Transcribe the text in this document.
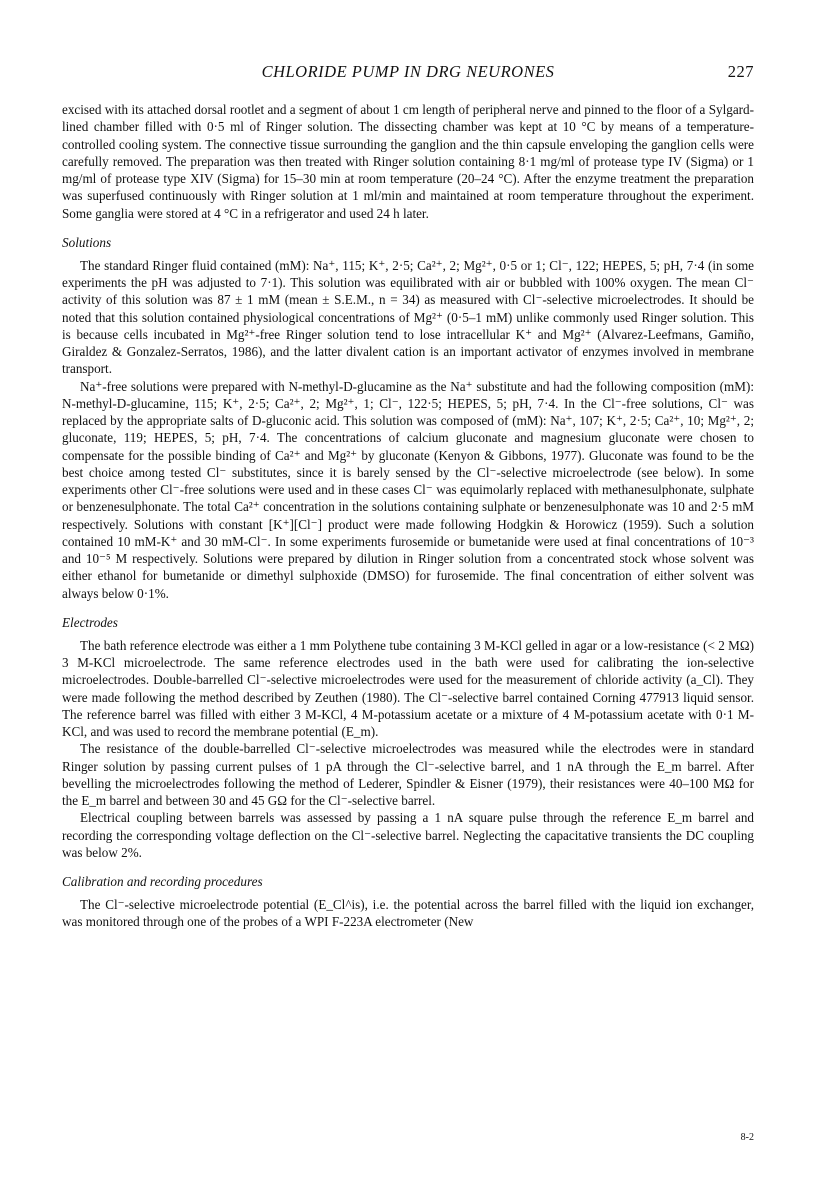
CHLORIDE PUMP IN DRG NEURONES	227

excised with its attached dorsal rootlet and a segment of about 1 cm length of peripheral nerve and pinned to the floor of a Sylgard-lined chamber filled with 0·5 ml of Ringer solution. The dissecting chamber was kept at 10 °C by means of a temperature-controlled cooling system. The connective tissue surrounding the ganglion and the thin capsule enveloping the ganglion cells were carefully removed. The preparation was then treated with Ringer solution containing 8·1 mg/ml of protease type IV (Sigma) or 1 mg/ml of protease type XIV (Sigma) for 15–30 min at room temperature (20–24 °C). After the enzyme treatment the preparation was superfused continuously with Ringer solution at 1 ml/min and maintained at room temperature throughout the experiment. Some ganglia were stored at 4 °C in a refrigerator and used 24 h later.

Solutions

The standard Ringer fluid contained (mM): Na⁺, 115; K⁺, 2·5; Ca²⁺, 2; Mg²⁺, 0·5 or 1; Cl⁻, 122; HEPES, 5; pH, 7·4 (in some experiments the pH was adjusted to 7·1). This solution was equilibrated with air or bubbled with 100% oxygen. The mean Cl⁻ activity of this solution was 87 ± 1 mM (mean ± S.E.M., n = 34) as measured with Cl⁻-selective microelectrodes. It should be noted that this solution contained physiological concentrations of Mg²⁺ (0·5–1 mM) unlike commonly used Ringer solution. This is because cells incubated in Mg²⁺-free Ringer solution tend to lose intracellular K⁺ and Mg²⁺ (Alvarez-Leefmans, Gamiño, Giraldez & Gonzalez-Serratos, 1986), and the latter divalent cation is an important activator of enzymes involved in membrane transport.

Na⁺-free solutions were prepared with N-methyl-D-glucamine as the Na⁺ substitute and had the following composition (mM): N-methyl-D-glucamine, 115; K⁺, 2·5; Ca²⁺, 2; Mg²⁺, 1; Cl⁻, 122·5; HEPES, 5; pH, 7·4. In the Cl⁻-free solutions, Cl⁻ was replaced by the appropriate salts of D-gluconic acid. This solution was composed of (mM): Na⁺, 107; K⁺, 2·5; Ca²⁺, 10; Mg²⁺, 2; gluconate, 119; HEPES, 5; pH, 7·4. The concentrations of calcium gluconate and magnesium gluconate were chosen to compensate for the possible binding of Ca²⁺ and Mg²⁺ by gluconate (Kenyon & Gibbons, 1977). Gluconate was found to be the best choice among tested Cl⁻ substitutes, since it is barely sensed by the Cl⁻-selective microelectrode (see below). In some experiments other Cl⁻-free solutions were used and in these cases Cl⁻ was equimolarly replaced with methanesulphonate, sulphate or benzenesulphonate. The total Ca²⁺ concentration in the solutions containing sulphate or benzenesulphonate was 10 and 2·5 mM respectively. Solutions with constant [K⁺][Cl⁻] product were made following Hodgkin & Horowicz (1959). Such a solution contained 10 mM-K⁺ and 30 mM-Cl⁻. In some experiments furosemide or bumetanide were used at final concentrations of 10⁻³ and 10⁻⁵ M respectively. Solutions were prepared by dilution in Ringer solution from a concentrated stock whose solvent was either ethanol for bumetanide or dimethyl sulphoxide (DMSO) for furosemide. The final concentration of either solvent was always below 0·1%.

Electrodes

The bath reference electrode was either a 1 mm Polythene tube containing 3 M-KCl gelled in agar or a low-resistance (< 2 MΩ) 3 M-KCl microelectrode. The same reference electrodes used in the bath were used for calibrating the ion-selective microelectrodes. Double-barrelled Cl⁻-selective microelectrodes were used for the measurement of chloride activity (a_Cl). They were made following the method described by Zeuthen (1980). The Cl⁻-selective barrel contained Corning 477913 liquid sensor. The reference barrel was filled with either 3 M-KCl, 4 M-potassium acetate or a mixture of 4 M-potassium acetate with 0·1 M-KCl, and was used to record the membrane potential (E_m).

The resistance of the double-barrelled Cl⁻-selective microelectrodes was measured while the electrodes were in standard Ringer solution by passing current pulses of 1 pA through the Cl⁻-selective barrel, and 1 nA through the E_m barrel. After bevelling the microelectrodes following the method of Lederer, Spindler & Eisner (1979), their resistances were 40–100 MΩ for the E_m barrel and between 30 and 45 GΩ for the Cl⁻-selective barrel.

Electrical coupling between barrels was assessed by passing a 1 nA square pulse through the reference E_m barrel and recording the corresponding voltage deflection on the Cl⁻-selective barrel. Neglecting the capacitative transients the DC coupling was below 2%.

Calibration and recording procedures

The Cl⁻-selective microelectrode potential (E_Cl^is), i.e. the potential across the barrel filled with the liquid ion exchanger, was monitored through one of the probes of a WPI F-223A electrometer (New

8-2
